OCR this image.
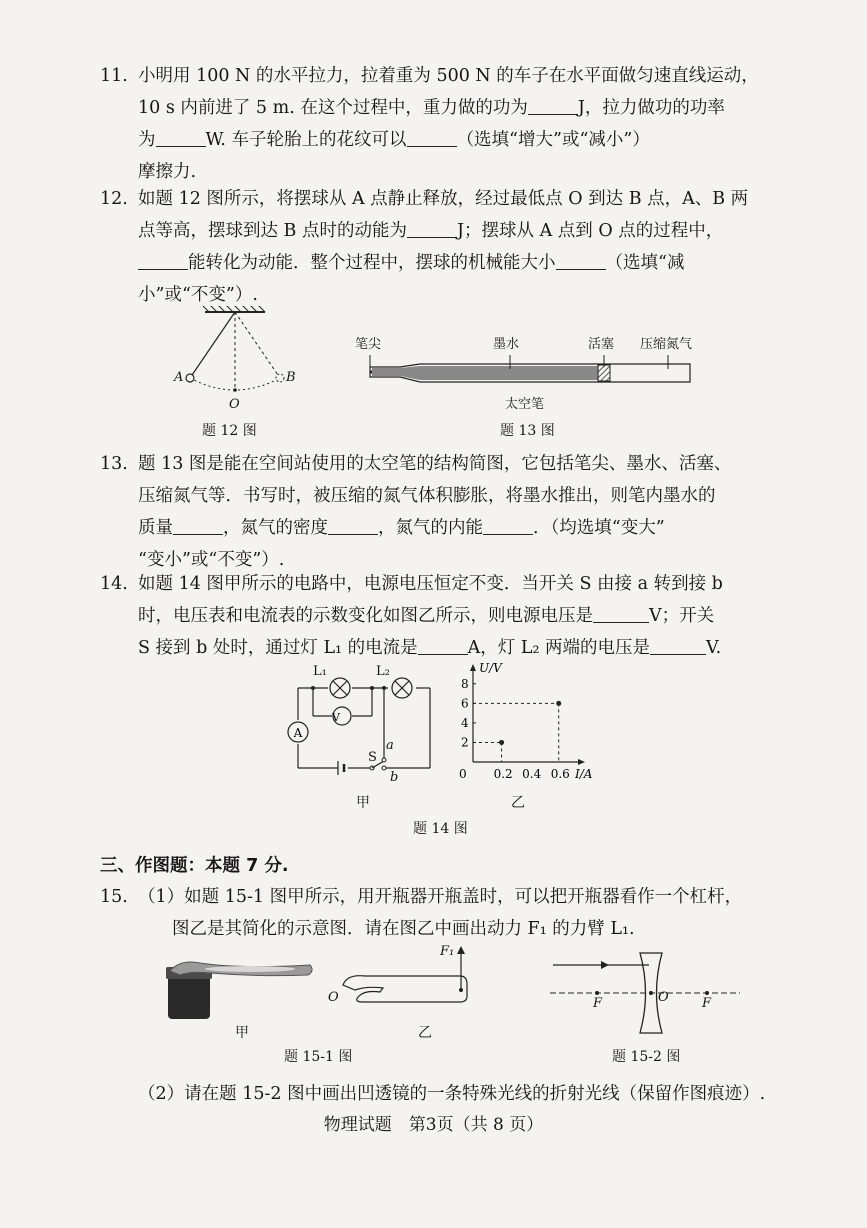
11. 小明用 100 N 的水平拉力，拉着重为 500 N 的车子在水平面做匀速直线运动，
10 s 内前进了 5 m. 在这个过程中，重力做的功为	J，拉力做功的功率
为	W. 车子轮胎上的花纹可以	（选填“增大”或“减小”）
摩擦力.
12. 如题 12 图所示，将摆球从 A 点静止释放，经过最低点 O 到达 B 点，A、B 两
点等高，摆球到达 B 点时的动能为	J；摆球从 A 点到 O 点的过程中，
能转化为动能．整个过程中，摆球的机械能大小	（选填“减
小”或“不变”）.
A	B
O
题 12 图
笔尖	墨水	活塞 压缩氮气
太空笔
题 13 图
13. 题 13 图是能在空间站使用的太空笔的结构简图，它包括笔尖、墨水、活塞、
压缩氮气等．书写时，被压缩的氮气体积膨胀，将墨水推出，则笔内墨水的
质量	，氮气的密度	，氮气的内能	．（均选填“变大”
“变小”或“不变”）.
14. 如题 14 图甲所示的电路中，电源电压恒定不变．当开关 S 由接 a 转到接 b
时，电压表和电流表的示数变化如图乙所示，则电源电压是	V；开关
S 接到 b 处时，通过灯 L₁ 的电流是	A，灯 L₂ 两端的电压是	V.
V
A
L₁	L₂
S
a
b
甲
I/A
U/V
0 0.2 0.4 0.6
2
4
6
8
乙
题 14 图
三、作图题：本题 7 分.
15. （1）如题 15-1 图甲所示，用开瓶器开瓶盖时，可以把开瓶器看作一个杠杆，
图乙是其简化的示意图．请在图乙中画出动力 F₁ 的力臂 L₁.
甲
O
F₁
乙
题 15-1 图
F	O	F
题 15-2 图
（2）请在题 15-2 图中画出凹透镜的一条特殊光线的折射光线（保留作图痕迹）.
物理试题　第3页（共 8 页）
